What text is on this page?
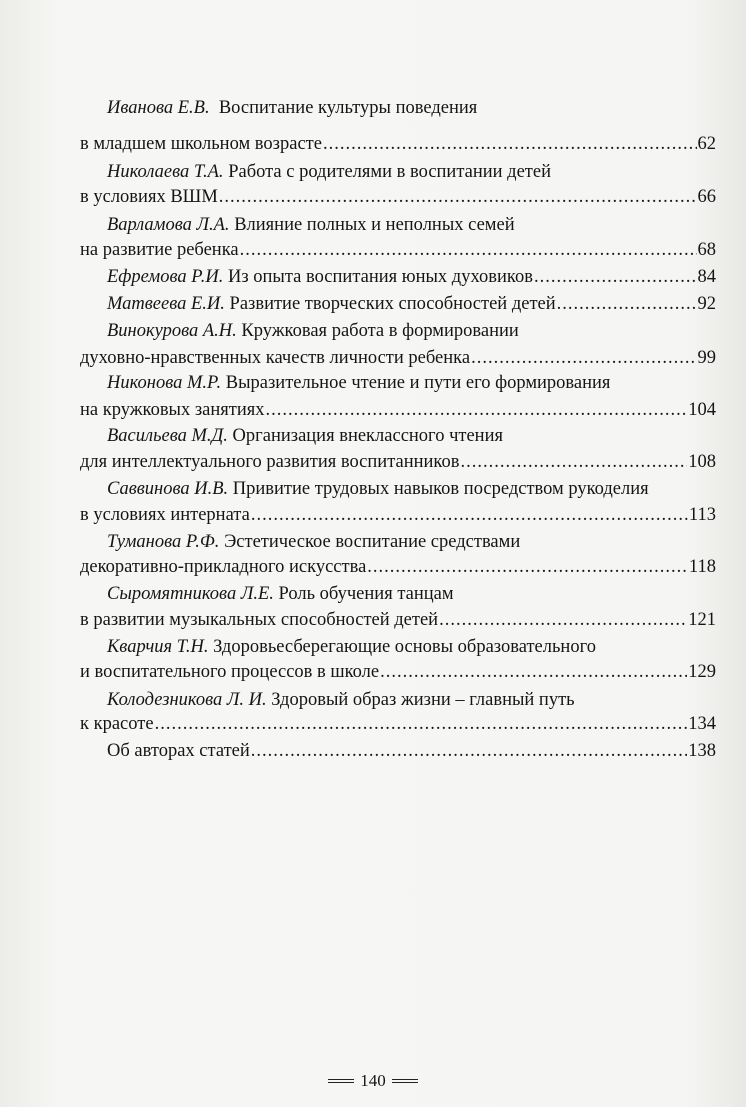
Иванова Е.В. Воспитание культуры поведения
в младшем школьном возрасте .....	62
Николаева Т.А. Работа с родителями в воспитании детей
в условиях ВШМ .....	66
Варламова Л.А. Влияние полных и неполных семей
на развитие ребенка .....	68
Ефремова Р.И. Из опыта воспитания юных духовиков .....	84
Матвеева Е.И. Развитие творческих способностей детей .....	92
Винокурова А.Н. Кружковая работа в формировании
духовно-нравственных качеств личности ребенка .....	99
Никонова М.Р. Выразительное чтение и пути его формирования
на кружковых занятиях .....	104
Васильева М.Д. Организация внеклассного чтения
для интеллектуального развития воспитанников .....	108
Саввинова И.В. Привитие трудовых навыков посредством рукоделия
в условиях интерната .....	113
Туманова Р.Ф. Эстетическое воспитание средствами
декоративно-прикладного искусства .....	118
Сыромятникова Л.Е. Роль обучения танцам
в развитии музыкальных способностей детей .....	121
Кварчия Т.Н. Здоровьесберегающие основы образовательного
и воспитательного процессов в школе .....	129
Колодезникова Л. И. Здоровый образ жизни – главный путь
к красоте .....	134
Об авторах статей .....	138
140
